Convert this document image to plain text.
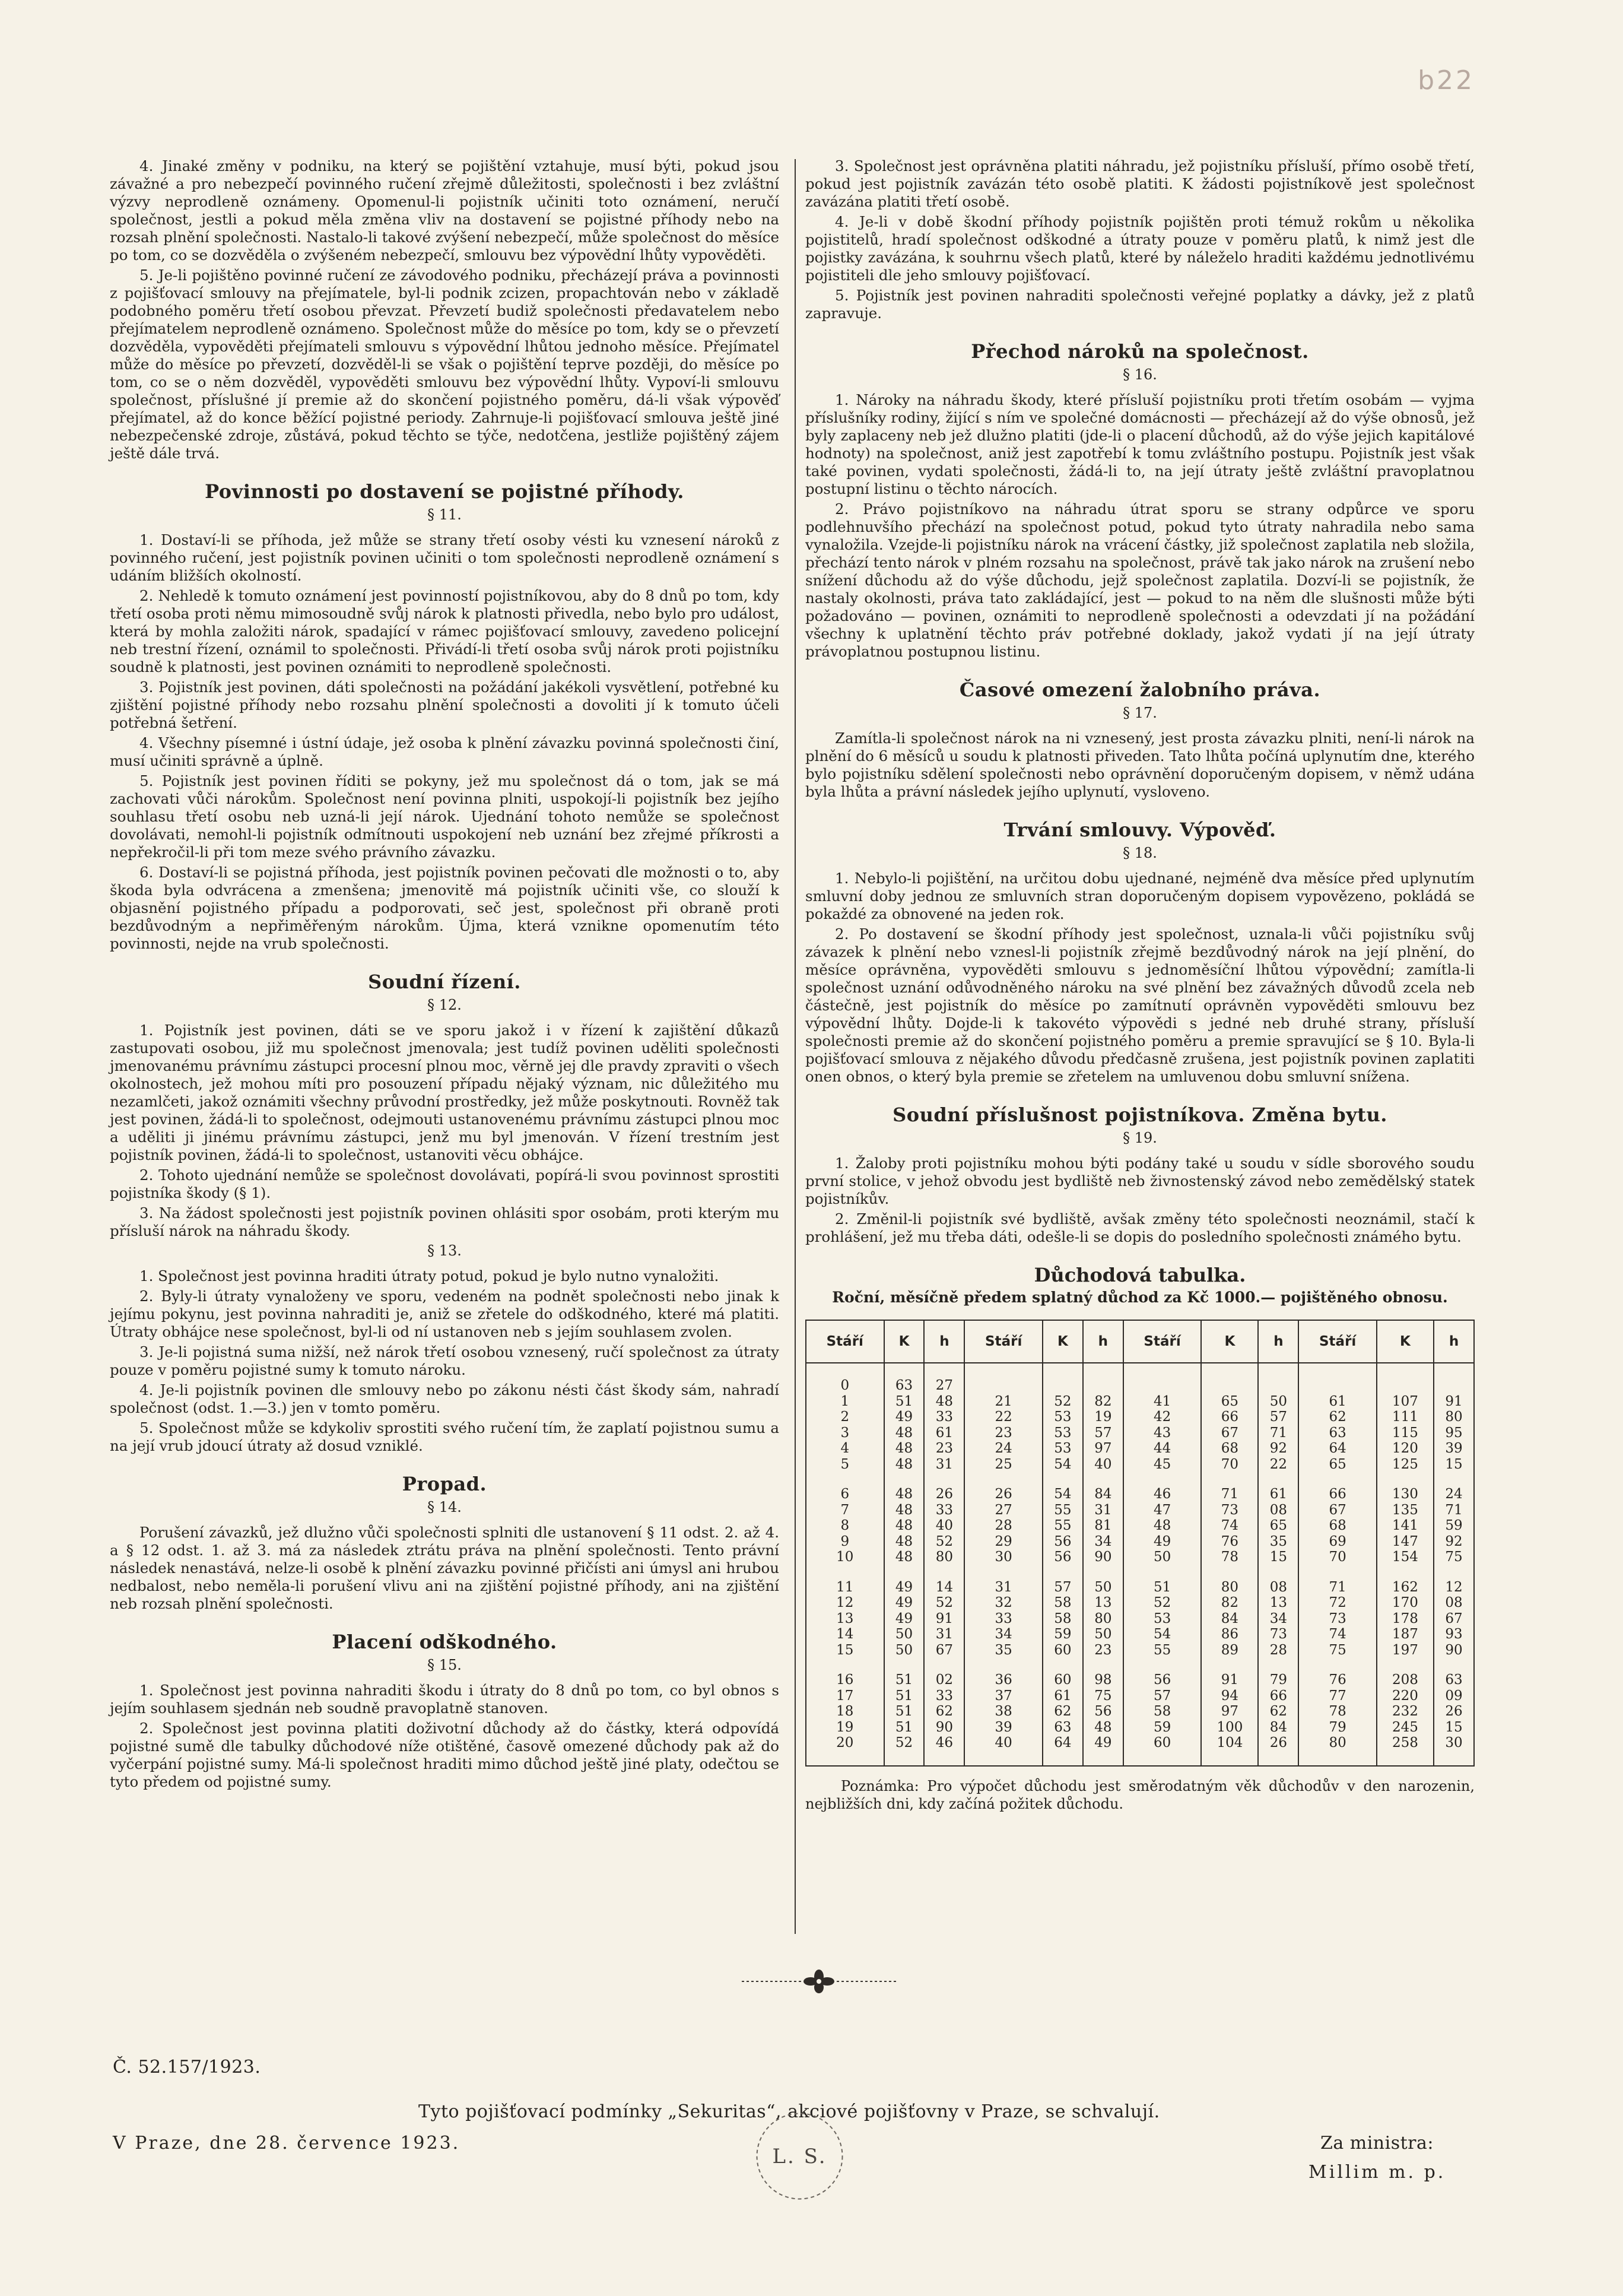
b22

4. Jinaké změny v podniku, na který se pojištění vztahuje, musí býti, pokud jsou závažné a pro nebezpečí povinného ručení zřejmě důležitosti, společnosti i bez zvláštní výzvy neprodleně oznámeny. Opomenul-li pojistník učiniti toto oznámení, neručí společnost, jestli a pokud měla změna vliv na dostavení se pojistné příhody nebo na rozsah plnění společnosti. Nastalo-li takové zvýšení nebezpečí, může společnost do měsíce po tom, co se dozvěděla o zvýšeném nebezpečí, smlouvu bez výpovědní lhůty vypověděti.

5. Je-li pojištěno povinné ručení ze závodového podniku, přecházejí práva a povinnosti z pojišťovací smlouvy na přejímatele, byl-li podnik zcizen, propachtován nebo v základě podobného poměru třetí osobou převzat. Převzetí budiž společnosti předavatelem nebo přejímatelem neprodleně oznámeno. Společnost může do měsíce po tom, kdy se o převzetí dozvěděla, vypověděti přejímateli smlouvu s výpovědní lhůtou jednoho měsíce. Přejímatel může do měsíce po převzetí, dozvěděl-li se však o pojištění teprve později, do měsíce po tom, co se o něm dozvěděl, vypověděti smlouvu bez výpovědní lhůty. Vypoví-li smlouvu společnost, příslušné jí premie až do skončení pojistného poměru, dá-li však výpověď přejímatel, až do konce běžící pojistné periody. Zahrnuje-li pojišťovací smlouva ještě jiné nebezpečenské zdroje, zůstává, pokud těchto se týče, nedotčena, jestliže pojištěný zájem ještě dále trvá.

Povinnosti po dostavení se pojistné příhody.
§ 11.

1. Dostaví-li se příhoda, jež může se strany třetí osoby vésti ku vznesení nároků z povinného ručení, jest pojistník povinen učiniti o tom společnosti neprodleně oznámení s udáním bližších okolností.

2. Nehledě k tomuto oznámení jest povinností pojistníkovou, aby do 8 dnů po tom, kdy třetí osoba proti němu mimosoudně svůj nárok k platnosti přivedla, nebo bylo pro událost, která by mohla založiti nárok, spadající v rámec pojišťovací smlouvy, zavedeno policejní neb trestní řízení, oznámil to společnosti. Přivádí-li třetí osoba svůj nárok proti pojistníku soudně k platnosti, jest povinen oznámiti to neprodleně společnosti.

3. Pojistník jest povinen, dáti společnosti na požádání jakékoli vysvětlení, potřebné ku zjištění pojistné příhody nebo rozsahu plnění společnosti a dovoliti jí k tomuto účeli potřebná šetření.

4. Všechny písemné i ústní údaje, jež osoba k plnění závazku povinná společnosti činí, musí učiniti správně a úplně.

5. Pojistník jest povinen říditi se pokyny, jež mu společnost dá o tom, jak se má zachovati vůči nárokům. Společnost není povinna plniti, uspokojí-li pojistník bez jejího souhlasu třetí osobu neb uzná-li její nárok. Ujednání tohoto nemůže se společnost dovolávati, nemohl-li pojistník odmítnouti uspokojení neb uznání bez zřejmé příkrosti a nepřekročil-li při tom meze svého právního závazku.

6. Dostaví-li se pojistná příhoda, jest pojistník povinen pečovati dle možnosti o to, aby škoda byla odvrácena a zmenšena; jmenovitě má pojistník učiniti vše, co slouží k objasnění pojistného případu a podporovati, seč jest, společnost při obraně proti bezdůvodným a nepřiměřeným nárokům. Újma, která vznikne opomenutím této povinnosti, nejde na vrub společnosti.

Soudní řízení.
§ 12.

1. Pojistník jest povinen, dáti se ve sporu jakož i v řízení k zajištění důkazů zastupovati osobou, již mu společnost jmenovala; jest tudíž povinen uděliti společnosti jmenovanému právnímu zástupci procesní plnou moc, věrně jej dle pravdy zpraviti o všech okolnostech, jež mohou míti pro posouzení případu nějaký význam, nic důležitého mu nezamlčeti, jakož oznámiti všechny průvodní prostředky, jež může poskytnouti. Rovněž tak jest povinen, žádá-li to společnost, odejmouti ustanovenému právnímu zástupci plnou moc a uděliti ji jinému právnímu zástupci, jenž mu byl jmenován. V řízení trestním jest pojistník povinen, žádá-li to společnost, ustanoviti věcu obhájce.

2. Tohoto ujednání nemůže se společnost dovolávati, popírá-li svou povinnost sprostiti pojistníka škody (§ 1).

3. Na žádost společnosti jest pojistník povinen ohlásiti spor osobám, proti kterým mu přísluší nárok na náhradu škody.

§ 13.

1. Společnost jest povinna hraditi útraty potud, pokud je bylo nutno vynaložiti.

2. Byly-li útraty vynaloženy ve sporu, vedeném na podnět společnosti nebo jinak k jejímu pokynu, jest povinna nahraditi je, aniž se zřetele do odškodného, které má platiti. Útraty obhájce nese společnost, byl-li od ní ustanoven neb s jejím souhlasem zvolen.

3. Je-li pojistná suma nižší, než nárok třetí osobou vznesený, ručí společnost za útraty pouze v poměru pojistné sumy k tomuto nároku.

4. Je-li pojistník povinen dle smlouvy nebo po zákonu nésti část škody sám, nahradí společnost (odst. 1.—3.) jen v tomto poměru.

5. Společnost může se kdykoliv sprostiti svého ručení tím, že zaplatí pojistnou sumu a na její vrub jdoucí útraty až dosud vzniklé.

Propad.
§ 14.

Porušení závazků, jež dlužno vůči společnosti splniti dle ustanovení § 11 odst. 2. až 4. a § 12 odst. 1. až 3. má za následek ztrátu práva na plnění společnosti. Tento právní následek nenastává, nelze-li osobě k plnění závazku povinné přičísti ani úmysl ani hrubou nedbalost, nebo neměla-li porušení vlivu ani na zjištění pojistné příhody, ani na zjištění neb rozsah plnění společnosti.

Placení odškodného.
§ 15.

1. Společnost jest povinna nahraditi škodu i útraty do 8 dnů po tom, co byl obnos s jejím souhlasem sjednán neb soudně pravoplatně stanoven.

2. Společnost jest povinna platiti doživotní důchody až do částky, která odpovídá pojistné sumě dle tabulky důchodové níže otištěné, časově omezené důchody pak až do vyčerpání pojistné sumy. Má-li společnost hraditi mimo důchod ještě jiné platy, odečtou se tyto předem od pojistné sumy.

3. Společnost jest oprávněna platiti náhradu, jež pojistníku přísluší, přímo osobě třetí, pokud jest pojistník zavázán této osobě platiti. K žádosti pojistníkově jest společnost zavázána platiti třetí osobě.

4. Je-li v době škodní příhody pojistník pojištěn proti témuž rokům u několika pojistitelů, hradí společnost odškodné a útraty pouze v poměru platů, k nimž jest dle pojistky zavázána, k souhrnu všech platů, které by náleželo hraditi každému jednotlivému pojistiteli dle jeho smlouvy pojišťovací.

5. Pojistník jest povinen nahraditi společnosti veřejné poplatky a dávky, jež z platů zapravuje.

Přechod nároků na společnost.
§ 16.

1. Nároky na náhradu škody, které přísluší pojistníku proti třetím osobám — vyjma příslušníky rodiny, žijící s ním ve společné domácnosti — přecházejí až do výše obnosů, jež byly zaplaceny neb jež dlužno platiti (jde-li o placení důchodů, až do výše jejich kapitálové hodnoty) na společnost, aniž jest zapotřebí k tomu zvláštního postupu. Pojistník jest však také povinen, vydati společnosti, žádá-li to, na její útraty ještě zvláštní pravoplatnou postupní listinu o těchto nárocích.

2. Právo pojistníkovo na náhradu útrat sporu se strany odpůrce ve sporu podlehnuvšího přechází na společnost potud, pokud tyto útraty nahradila nebo sama vynaložila. Vzejde-li pojistníku nárok na vrácení částky, již společnost zaplatila neb složila, přechází tento nárok v plném rozsahu na společnost, právě tak jako nárok na zrušení nebo snížení důchodu až do výše důchodu, jejž společnost zaplatila. Dozví-li se pojistník, že nastaly okolnosti, práva tato zakládající, jest — pokud to na něm dle slušnosti může býti požadováno — povinen, oznámiti to neprodleně společnosti a odevzdati jí na požádání všechny k uplatnění těchto práv potřebné doklady, jakož vydati jí na její útraty právoplatnou postupnou listinu.

Časové omezení žalobního práva.
§ 17.

Zamítla-li společnost nárok na ni vznesený, jest prosta závazku plniti, není-li nárok na plnění do 6 měsíců u soudu k platnosti přiveden. Tato lhůta počíná uplynutím dne, kterého bylo pojistníku sdělení společnosti nebo oprávnění doporučeným dopisem, v němž udána byla lhůta a právní následek jejího uplynutí, vysloveno.

Trvání smlouvy. Výpověď.
§ 18.

1. Nebylo-li pojištění, na určitou dobu ujednané, nejméně dva měsíce před uplynutím smluvní doby jednou ze smluvních stran doporučeným dopisem vypovězeno, pokládá se pokaždé za obnovené na jeden rok.

2. Po dostavení se škodní příhody jest společnost, uznala-li vůči pojistníku svůj závazek k plnění nebo vznesl-li pojistník zřejmě bezdůvodný nárok na její plnění, do měsíce oprávněna, vypověděti smlouvu s jednoměsíční lhůtou výpovědní; zamítla-li společnost uznání odůvodněného nároku na své plnění bez závažných důvodů zcela neb částečně, jest pojistník do měsíce po zamítnutí oprávněn vypověděti smlouvu bez výpovědní lhůty. Dojde-li k takovéto výpovědi s jedné neb druhé strany, přísluší společnosti premie až do skončení pojistného poměru a premie spravující se § 10. Byla-li pojišťovací smlouva z nějakého důvodu předčasně zrušena, jest pojistník povinen zaplatiti onen obnos, o který byla premie se zřetelem na umluvenou dobu smluvní snížena.

Soudní příslušnost pojistníkova. Změna bytu.
§ 19.

1. Žaloby proti pojistníku mohou býti podány také u soudu v sídle sborového soudu první stolice, v jehož obvodu jest bydliště neb živnostenský závod nebo zemědělský statek pojistníkův.

2. Změnil-li pojistník své bydliště, avšak změny této společnosti neoznámil, stačí k prohlášení, jež mu třeba dáti, odešle-li se dopis do posledního společnosti známého bytu.

Důchodová tabulka.
Roční, měsíčně předem splatný důchod za Kč 1000.— pojištěného obnosu.
Stáří	K	h	Stáří	K	h	Stáří	K	h	Stáří	K	h

0	63	27									
1	51	48	21	52	82	41	65	50	61	107	91
2	49	33	22	53	19	42	66	57	62	111	80
3	48	61	23	53	57	43	67	71	63	115	95
4	48	23	24	53	97	44	68	92	64	120	39
5	48	31	25	54	40	45	70	22	65	125	15

6	48	26	26	54	84	46	71	61	66	130	24
7	48	33	27	55	31	47	73	08	67	135	71
8	48	40	28	55	81	48	74	65	68	141	59
9	48	52	29	56	34	49	76	35	69	147	92
10	48	80	30	56	90	50	78	15	70	154	75

11	49	14	31	57	50	51	80	08	71	162	12
12	49	52	32	58	13	52	82	13	72	170	08
13	49	91	33	58	80	53	84	34	73	178	67
14	50	31	34	59	50	54	86	73	74	187	93
15	50	67	35	60	23	55	89	28	75	197	90

16	51	02	36	60	98	56	91	79	76	208	63
17	51	33	37	61	75	57	94	66	77	220	09
18	51	62	38	62	56	58	97	62	78	232	26
19	51	90	39	63	48	59	100	84	79	245	15
20	52	46	40	64	49	60	104	26	80	258	30

Poznámka: Pro výpočet důchodu jest směrodatným věk důchodův v den narozenin, nejbližších dni, kdy začíná požitek důchodu.
Č. 52.157/1923.
Tyto pojišťovací podmínky „Sekuritas“, akciové pojišťovny v Praze, se schvalují.
V Praze, dne 28. července 1923.	Za ministra:
Millim m. p.
L. S.
